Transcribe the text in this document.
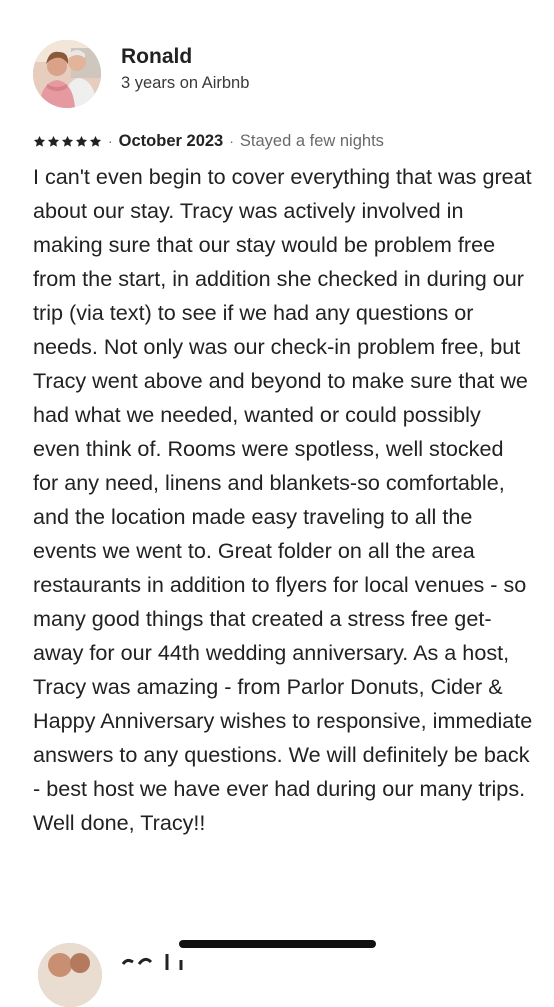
Ronald
3 years on Airbnb
· October 2023 · Stayed a few nights

I can't even begin to cover everything that was great about our stay. Tracy was actively involved in making sure that our stay would be problem free from the start, in addition she checked in during our trip (via text) to see if we had any questions or needs. Not only was our check-in problem free, but Tracy went above and beyond to make sure that we had what we needed, wanted or could possibly even think of. Rooms were spotless, well stocked for any need, linens and blankets-so comfortable, and the location made easy traveling to all the events we went to. Great folder on all the area restaurants in addition to flyers for local venues - so many good things that created a stress free get-away for our 44th wedding anniversary. As a host, Tracy was amazing - from Parlor Donuts, Cider & Happy Anniversary wishes to responsive, immediate answers to any questions. We will definitely be back - best host we have ever had during our many trips. Well done, Tracy!!
